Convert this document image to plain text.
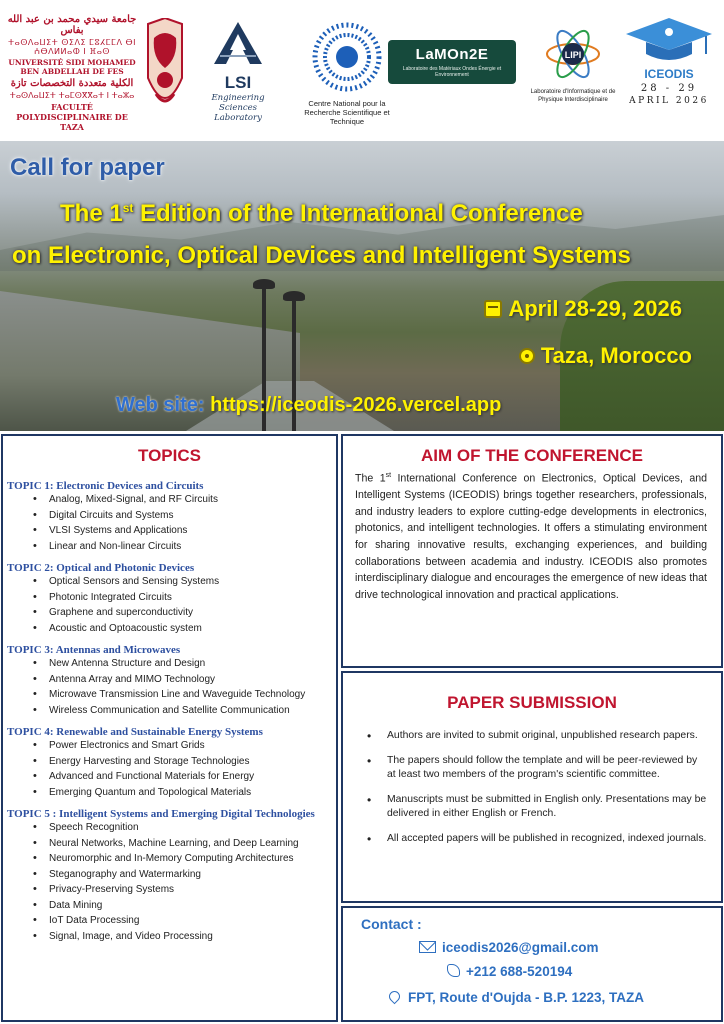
جامعة سيدي محمد بن عبد الله بفاس
ⵜⴰⵙⴷⴰⵡⵉⵜ ⵙⵉⴷⵉ ⵎⵓⵃⵎⵎⴷ ⴱⵏ ⵄⴱⴷⵍⵍⴰⵀ ⵏ ⴼⴰⵙ
UNIVERSITÉ SIDI MOHAMED BEN ABDELLAH DE FES
الكلية متعددة التخصصات تازة
ⵜⴰⵙⴷⴰⵡⵉⵜ ⵜⴰⵎⵙⴳⴳⴰⵜ ⵏ ⵜⴰⵣⴰ
FACULTÉ POLYDISCIPLINAIRE DE TAZA
LSI
Engineering Sciences Laboratory
Centre National pour la Recherche Scientifique et Technique
LaMOn2E
Laboratoire des Matériaux Ondes Énergie et Environnement
LIPI
Laboratoire d'Informatique et de Physique Interdisciplinaire
ICEODIS
28 - 29
APRIL 2026
Call for paper
The 1st Edition of the International Conference
on Electronic, Optical Devices and Intelligent Systems
April 28-29, 2026
Taza, Morocco
Web site: https://iceodis-2026.vercel.app
TOPICS
TOPIC 1: Electronic Devices and Circuits
• Analog, Mixed-Signal, and RF Circuits
• Digital Circuits and Systems
• VLSI Systems and Applications
• Linear and Non-linear Circuits
TOPIC 2: Optical and Photonic Devices
• Optical Sensors and Sensing Systems
• Photonic Integrated Circuits
• Graphene and superconductivity
• Acoustic and Optoacoustic system
TOPIC 3: Antennas and Microwaves
• New Antenna Structure and Design
• Antenna Array and MIMO Technology
• Microwave Transmission Line and Waveguide Technology
• Wireless Communication and Satellite Communication
TOPIC 4: Renewable and Sustainable Energy Systems
• Power Electronics and Smart Grids
• Energy Harvesting and Storage Technologies
• Advanced and Functional Materials for Energy
• Emerging Quantum and Topological Materials
TOPIC 5 : Intelligent Systems and Emerging Digital Technologies
• Speech Recognition
• Neural Networks, Machine Learning, and Deep Learning
• Neuromorphic and In-Memory Computing Architectures
• Steganography and Watermarking
• Privacy-Preserving Systems
• Data Mining
• IoT Data Processing
• Signal, Image, and Video Processing
AIM OF THE CONFERENCE

The 1st International Conference on Electronics, Optical Devices, and Intelligent Systems (ICEODIS) brings together researchers, professionals, and industry leaders to explore cutting-edge developments in electronics, photonics, and intelligent technologies. It offers a stimulating environment for sharing innovative results, exchanging experiences, and building collaborations between academia and industry. ICEODIS also promotes interdisciplinary dialogue and encourages the emergence of new ideas that drive technological innovation and practical applications.

PAPER SUBMISSION
• Authors are invited to submit original, unpublished research papers.
• The papers should follow the template and will be peer-reviewed by at least two members of the program's scientific committee.
• Manuscripts must be submitted in English only. Presentations may be delivered in either English or French.
• All accepted papers will be published in recognized, indexed journals.
Contact :
iceodis2026@gmail.com
+212 688-520194
FPT, Route d'Oujda - B.P. 1223, TAZA
